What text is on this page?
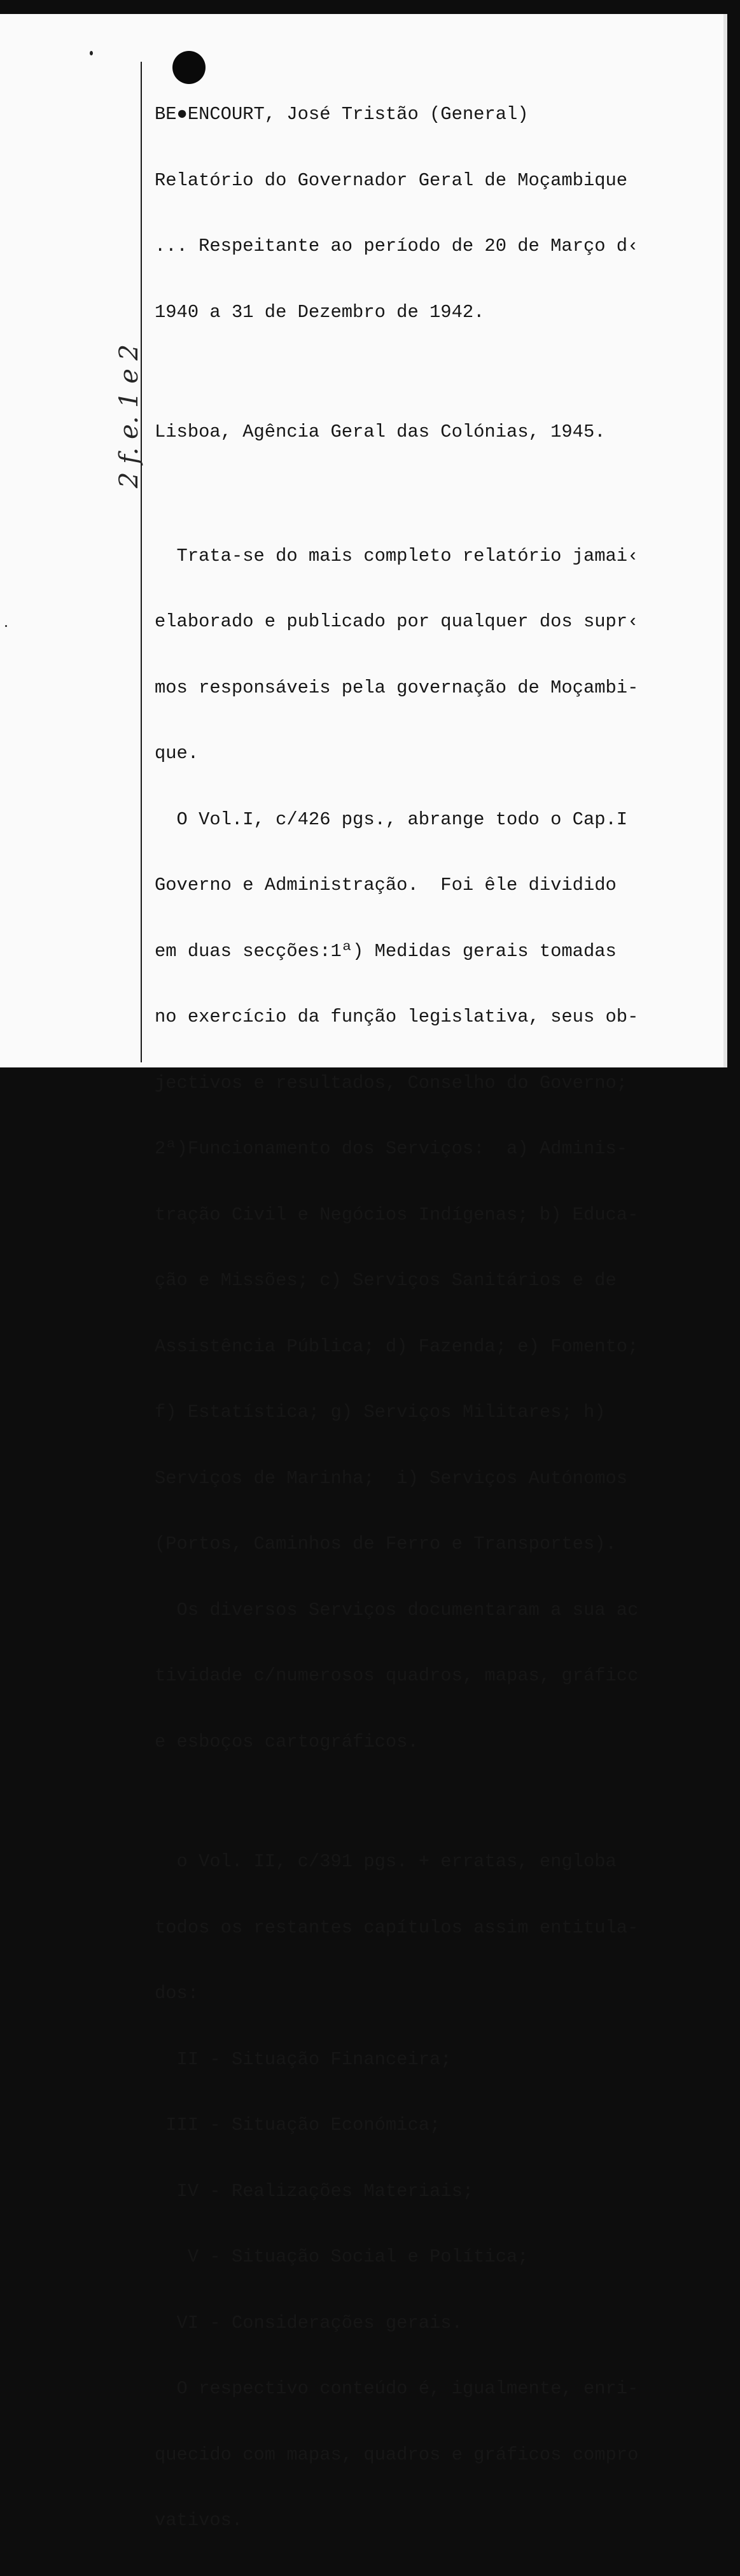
2 f. e. 1 e 2

BE●ENCOURT, José Tristão (General)

Relatório do Governador Geral de Moçambique

... Respeitante ao período de 20 de Março d‹

1940 a 31 de Dezembro de 1942.

Lisboa, Agência Geral das Colónias, 1945.

Trata-se do mais completo relatório jamai‹

elaborado e publicado por qualquer dos supr‹

mos responsáveis pela governação de Moçambi-

que.

O Vol.I, c/426 pgs., abrange todo o Cap.I

Governo e Administração.  Foi êle dividido

em duas secções:1ª) Medidas gerais tomadas

no exercício da função legislativa, seus ob-

jectivos e resultados, Conselho do Governo;

2ª)Funcionamento dos Serviços:  a) Adminis-

tração Civil e Negócios Indígenas; b) Educa-

ção e Missões; c) Serviços Sanitários e de

Assistência Pública; d) Fazenda; e) Fomento;

f) Estatística; g) Serviços Militares; h)

Serviços de Marinha;  i) Serviços Autónomos

(Portos, Caminhos de Ferro e Transportes).

Os diversos Serviços documentaram a sua ac

tividade c/numerosos quadros, mapas, gráficc

e esboços cartográficos.

o Vol. II, c/391 pgs. + erratas, engloba

todos os restantes capítulos assim entitula-

dos:

II - Situação Financeira;

III - Situação Económica;

IV - Realizações Materiais;

V - Situação Social e Política;

VI - Considerações gerais.

O respectivo conteúdo é, igualmente, enri-

quecido com mapas, quadros e gráficos compro

vativos.
